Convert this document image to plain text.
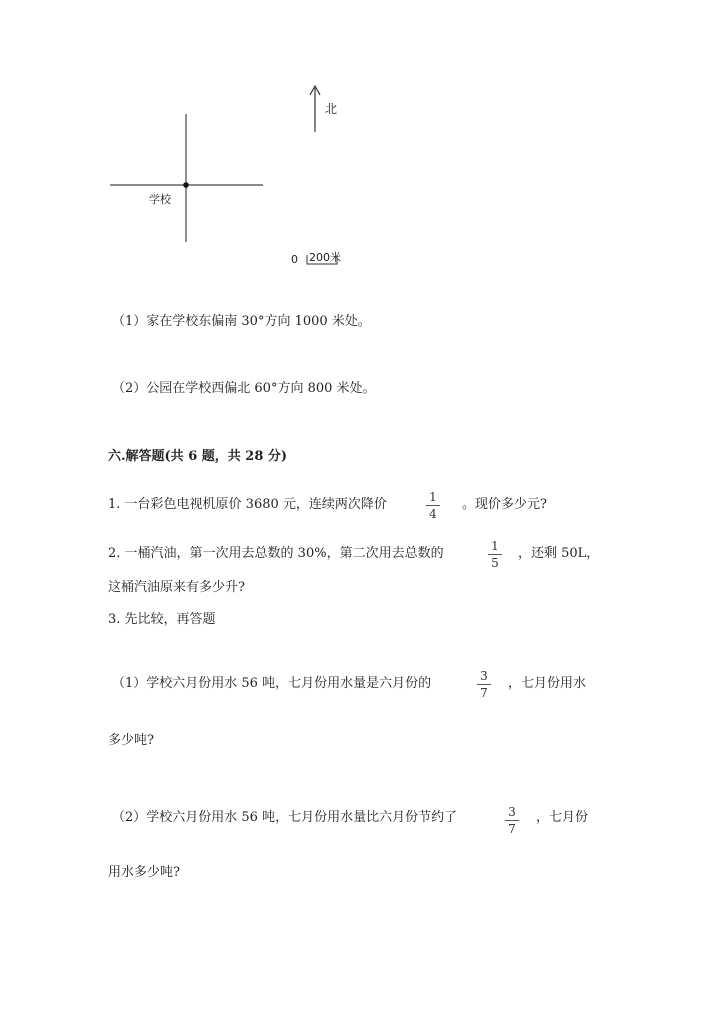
北
学校
0 200米
（1）家在学校东偏南 30°方向 1000 米处。
（2）公园在学校西偏北 60°方向 800 米处。
六.解答题(共 6 题，共 28 分)
1. 一台彩色电视机原价 3680 元，连续两次降价	1
4
。现价多少元?
2. 一桶汽油，第一次用去总数的 30%，第二次用去总数的	1
5
，还剩 50L，
这桶汽油原来有多少升?
3. 先比较，再答题
（1）学校六月份用水 56 吨，七月份用水量是六月份的	3
7
，七月份用水
多少吨?
（2）学校六月份用水 56 吨，七月份用水量比六月份节约了	3
7
，七月份
用水多少吨?
